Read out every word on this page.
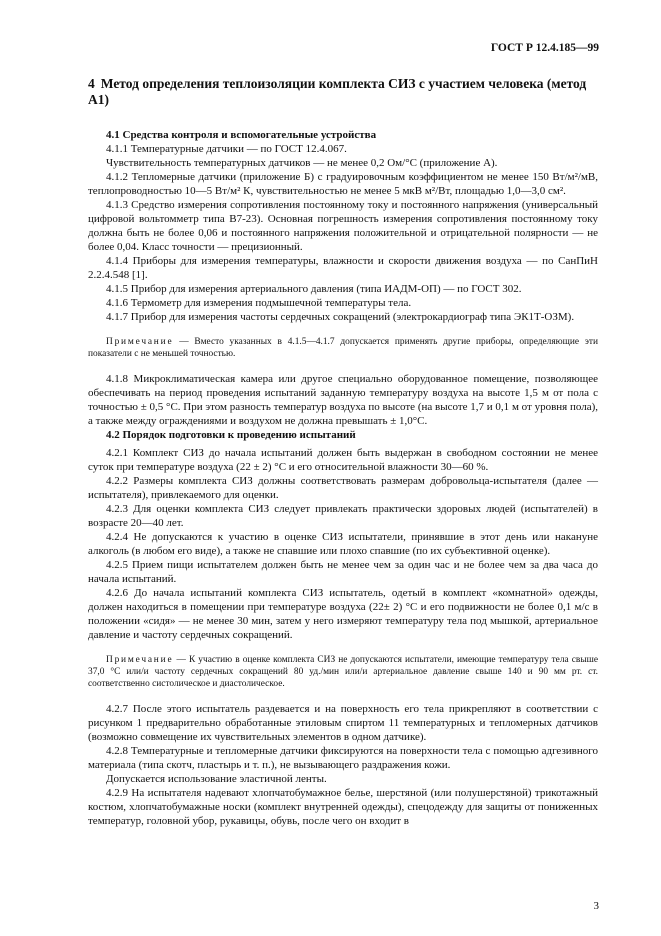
ГОСТ Р 12.4.185—99
4 Метод определения теплоизоляции комплекта СИЗ с участием человека (метод А1)

4.1 Средства контроля и вспомогательные устройства

4.1.1 Температурные датчики — по ГОСТ 12.4.067.

Чувствительность температурных датчиков — не менее 0,2 Ом/°С (приложение А).

4.1.2 Тепломерные датчики (приложение Б) с градуировочным коэффициентом не менее 150 Вт/м²/мВ, теплопроводностью 10—5 Вт/м² К, чувствительностью не менее 5 мкВ м²/Вт, площадью 1,0—3,0 см².

4.1.3 Средство измерения сопротивления постоянному току и постоянного напряжения (универсальный цифровой вольтомметр типа В7-23). Основная погрешность измерения сопротивления постоянному току должна быть не более 0,06 и постоянного напряжения положительной и отрицательной полярности — не более 0,04. Класс точности — прецизионный.

4.1.4 Приборы для измерения температуры, влажности и скорости движения воздуха — по СанПиН 2.2.4.548 [1].

4.1.5 Прибор для измерения артериального давления (типа ИАДМ-ОП) — по ГОСТ 302.

4.1.6 Термометр для измерения подмышечной температуры тела.

4.1.7 Прибор для измерения частоты сердечных сокращений (электрокардиограф типа ЭК1Т-ОЗМ).

Примечание — Вместо указанных в 4.1.5—4.1.7 допускается применять другие приборы, определяющие эти показатели с не меньшей точностью.

4.1.8 Микроклиматическая камера или другое специально оборудованное помещение, позволяющее обеспечивать на период проведения испытаний заданную температуру воздуха на высоте 1,5 м от пола с точностью ± 0,5 °С. При этом разность температур воздуха по высоте (на высоте 1,7 и 0,1 м от уровня пола), а также между ограждениями и воздухом не должна превышать ± 1,0°С.

4.2 Порядок подготовки к проведению испытаний

4.2.1 Комплект СИЗ до начала испытаний должен быть выдержан в свободном состоянии не менее суток при температуре воздуха (22 ± 2) °С и его относительной влажности 30—60 %.

4.2.2 Размеры комплекта СИЗ должны соответствовать размерам добровольца-испытателя (далее — испытателя), привлекаемого для оценки.

4.2.3 Для оценки комплекта СИЗ следует привлекать практически здоровых людей (испытателей) в возрасте 20—40 лет.

4.2.4 Не допускаются к участию в оценке СИЗ испытатели, принявшие в этот день или накануне алкоголь (в любом его виде), а также не спавшие или плохо спавшие (по их субъективной оценке).

4.2.5 Прием пищи испытателем должен быть не менее чем за один час и не более чем за два часа до начала испытаний.

4.2.6 До начала испытаний комплекта СИЗ испытатель, одетый в комплект «комнатной» одежды, должен находиться в помещении при температуре воздуха (22± 2) °С и его подвижности не более 0,1 м/с в положении «сидя» — не менее 30 мин, затем у него измеряют температуру тела под мышкой, артериальное давление и частоту сердечных сокращений.

Примечание — К участию в оценке комплекта СИЗ не допускаются испытатели, имеющие температуру тела свыше 37,0 °С или/и частоту сердечных сокращений 80 уд./мин или/и артериальное давление свыше 140 и 90 мм рт. ст. соответственно систолическое и диастолическое.

4.2.7 После этого испытатель раздевается и на поверхность его тела прикрепляют в соответствии с рисунком 1 предварительно обработанные этиловым спиртом 11 температурных и тепломерных датчиков (возможно совмещение их чувствительных элементов в одном датчике).

4.2.8 Температурные и тепломерные датчики фиксируются на поверхности тела с помощью адгезивного материала (типа скотч, пластырь и т. п.), не вызывающего раздражения кожи.

Допускается использование эластичной ленты.

4.2.9 На испытателя надевают хлопчатобумажное белье, шерстяной (или полушерстяной) трикотажный костюм, хлопчатобумажные носки (комплект внутренней одежды), спецодежду для защиты от пониженных температур, головной убор, рукавицы, обувь, после чего он входит в

3
